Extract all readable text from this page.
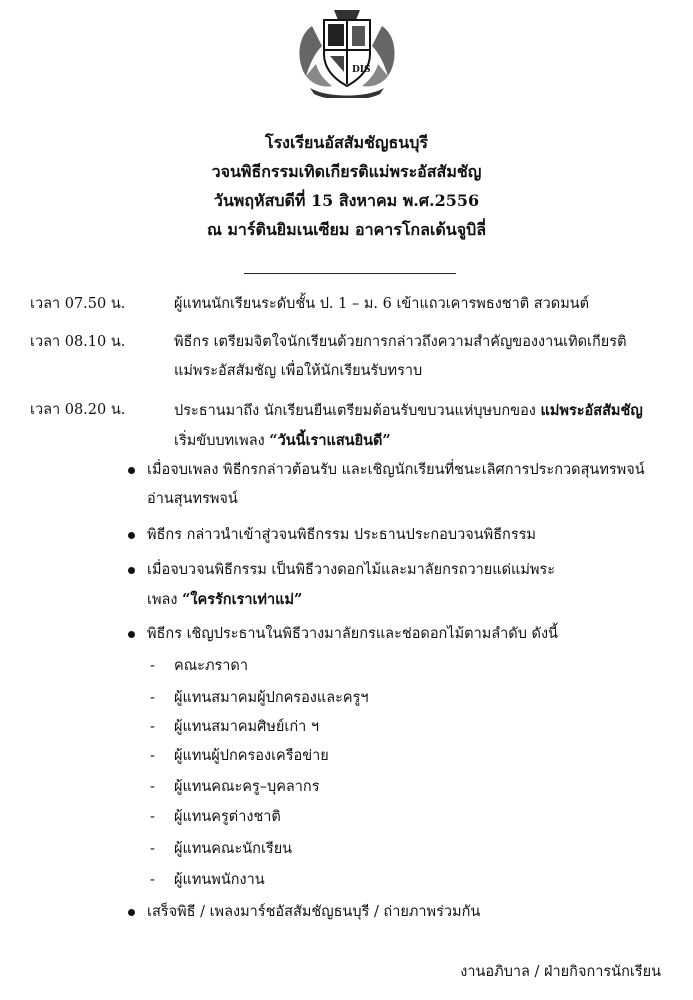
DIS
โรงเรียนอัสสัมชัญธนบุรี
วจนพิธีกรรมเทิดเกียรติแม่พระอัสสัมชัญ
วันพฤหัสบดีที่ 15 สิงหาคม พ.ศ.2556
ณ มาร์ตินยิมเนเซียม อาคารโกลเด้นจูบิลี่
เวลา 07.50 น.	ผู้แทนนักเรียนระดับชั้น ป. 1 – ม. 6 เข้าแถวเคารพธงชาติ สวดมนต์
เวลา 08.10 น.	พิธีกร เตรียมจิตใจนักเรียนด้วยการกล่าวถึงความสำคัญของงานเทิดเกียรติ
แม่พระอัสสัมชัญ เพื่อให้นักเรียนรับทราบ
เวลา 08.20 น.	ประธานมาถึง นักเรียนยืนเตรียมต้อนรับขบวนแห่บุษบกของ แม่พระอัสสัมชัญ
เริ่มขับบทเพลง “วันนี้เราแสนยินดี”
เมื่อจบเพลง พิธีกรกล่าวต้อนรับ และเชิญนักเรียนที่ชนะเลิศการประกวดสุนทรพจน์
อ่านสุนทรพจน์
พิธีกร กล่าวนำเข้าสู่วจนพิธีกรรม ประธานประกอบวจนพิธีกรรม
เมื่อจบวจนพิธีกรรม เป็นพิธีวางดอกไม้และมาลัยกรถวายแด่แม่พระ
เพลง “ใครรักเราเท่าแม่”
พิธีกร เชิญประธานในพิธีวางมาลัยกรและช่อดอกไม้ตามลำดับ ดังนี้
- คณะภราดา
- ผู้แทนสมาคมผู้ปกครองและครูฯ
- ผู้แทนสมาคมศิษย์เก่า ฯ
- ผู้แทนผู้ปกครองเครือข่าย
- ผู้แทนคณะครู–บุคลากร
- ผู้แทนครูต่างชาติ
- ผู้แทนคณะนักเรียน
- ผู้แทนพนักงาน
เสร็จพิธี / เพลงมาร์ชอัสสัมชัญธนบุรี / ถ่ายภาพร่วมกัน
งานอภิบาล / ฝ่ายกิจการนักเรียน
